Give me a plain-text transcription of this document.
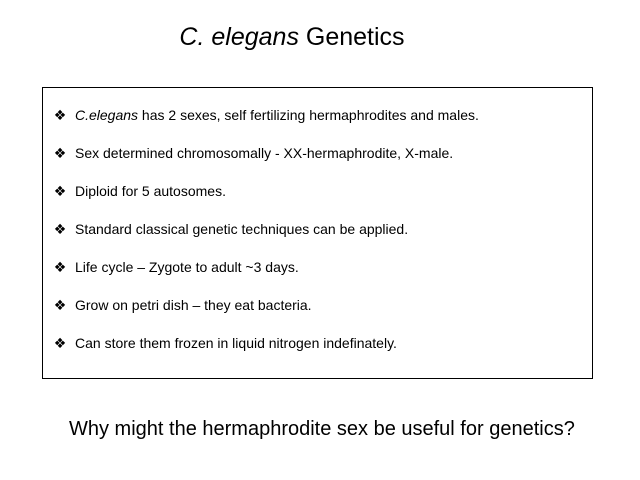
C. elegans Genetics
❖ C.elegans has 2 sexes, self fertilizing hermaphrodites and males.
❖ Sex determined chromosomally - XX-hermaphrodite, X-male.
❖ Diploid for 5 autosomes.
❖ Standard classical genetic techniques can be applied.
❖ Life cycle – Zygote to adult ~3 days.
❖ Grow on petri dish – they eat bacteria.
❖ Can store them frozen in liquid nitrogen indefinately.
Why might the hermaphrodite sex be useful for genetics?
